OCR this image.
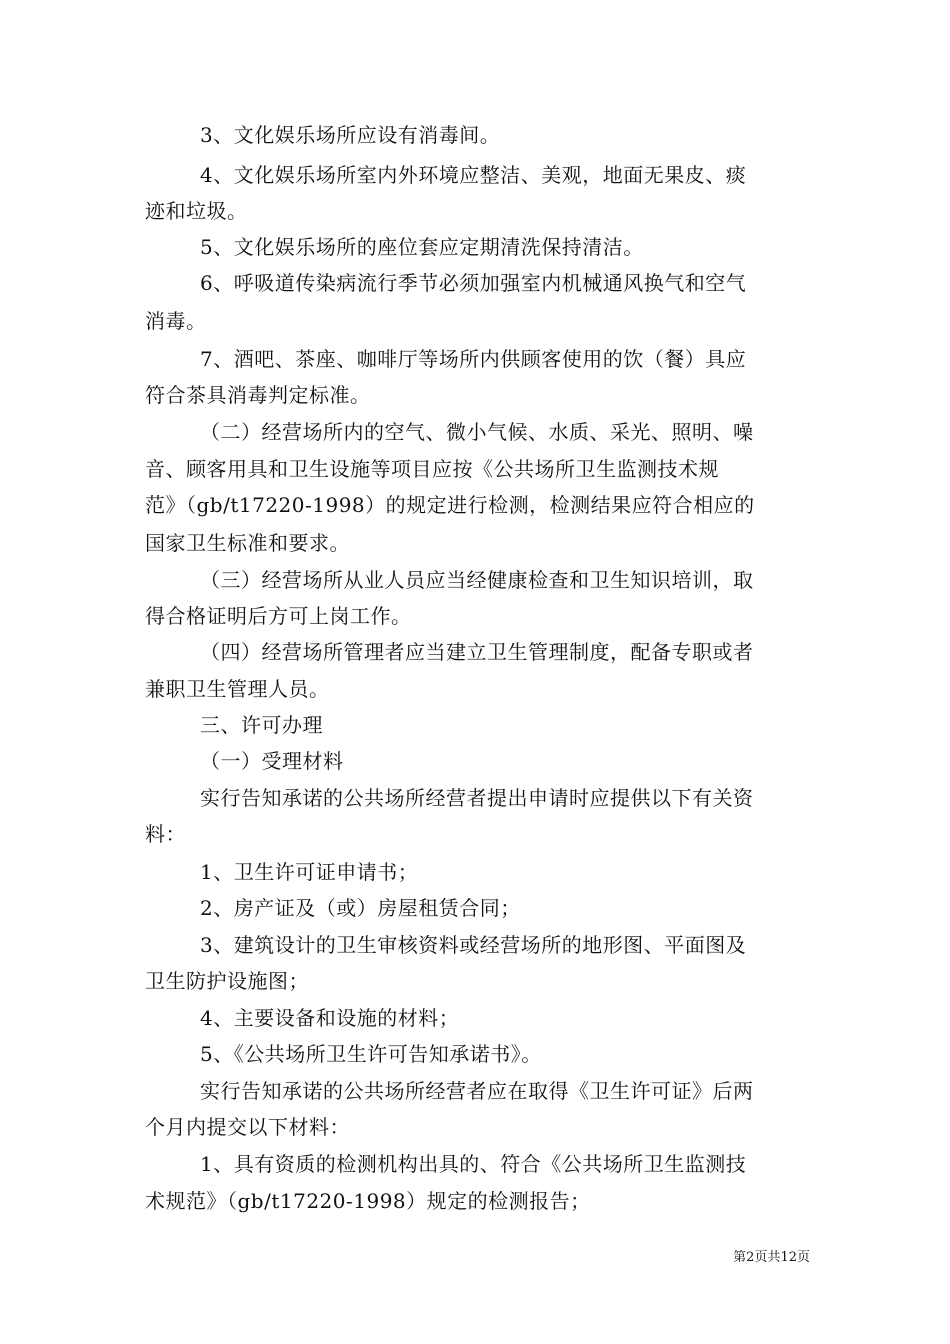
3、文化娱乐场所应设有消毒间。
4、文化娱乐场所室内外环境应整洁、美观，地面无果皮、痰
迹和垃圾。
5、文化娱乐场所的座位套应定期清洗保持清洁。
6、呼吸道传染病流行季节必须加强室内机械通风换气和空气
消毒。
7、酒吧、茶座、咖啡厅等场所内供顾客使用的饮（餐）具应
符合茶具消毒判定标准。
（二）经营场所内的空气、微小气候、水质、采光、照明、噪
音、顾客用具和卫生设施等项目应按《公共场所卫生监测技术规
范》（gb/t17220-1998）的规定进行检测，检测结果应符合相应的
国家卫生标准和要求。
（三）经营场所从业人员应当经健康检查和卫生知识培训，取
得合格证明后方可上岗工作。
（四）经营场所管理者应当建立卫生管理制度，配备专职或者
兼职卫生管理人员。
三、许可办理
（一）受理材料
实行告知承诺的公共场所经营者提出申请时应提供以下有关资
料：
1、卫生许可证申请书；
2、房产证及（或）房屋租赁合同；
3、建筑设计的卫生审核资料或经营场所的地形图、平面图及
卫生防护设施图；
4、主要设备和设施的材料；
5、《公共场所卫生许可告知承诺书》。
实行告知承诺的公共场所经营者应在取得《卫生许可证》后两
个月内提交以下材料：
1、具有资质的检测机构出具的、符合《公共场所卫生监测技
术规范》（gb/t17220-1998）规定的检测报告；
第2页共12页
